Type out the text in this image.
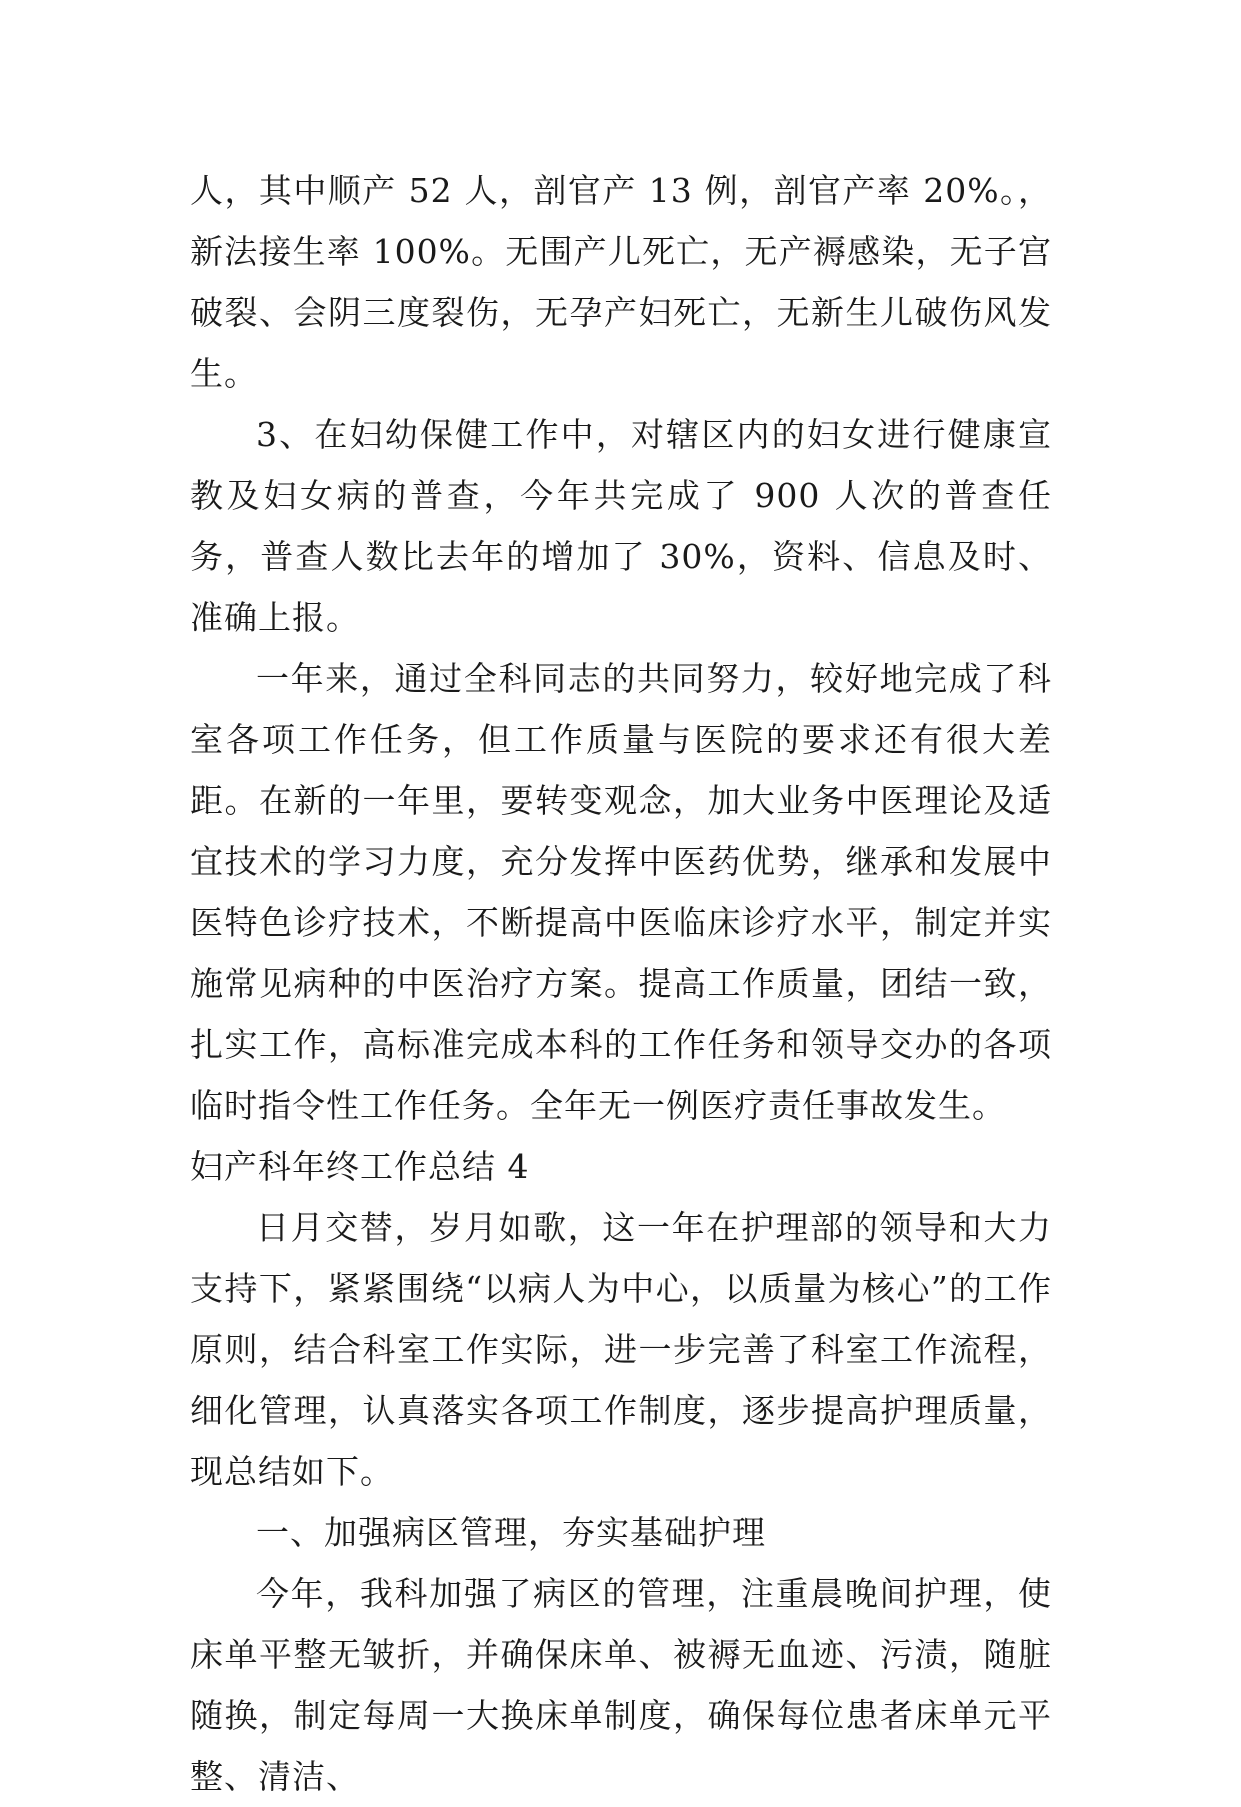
人，其中顺产 52 人，剖官产 13 例，剖官产率 20%。，新法接生率 100%。无围产儿死亡，无产褥感染，无子宫破裂、会阴三度裂伤，无孕产妇死亡，无新生儿破伤风发生。

3、在妇幼保健工作中，对辖区内的妇女进行健康宣教及妇女病的普查，今年共完成了 900 人次的普查任务，普查人数比去年的增加了 30%，资料、信息及时、准确上报。

一年来，通过全科同志的共同努力，较好地完成了科室各项工作任务，但工作质量与医院的要求还有很大差距。在新的一年里，要转变观念，加大业务中医理论及适宜技术的学习力度，充分发挥中医药优势，继承和发展中医特色诊疗技术，不断提高中医临床诊疗水平，制定并实施常见病种的中医治疗方案。提高工作质量，团结一致，扎实工作，高标准完成本科的工作任务和领导交办的各项临时指令性工作任务。全年无一例医疗责任事故发生。

妇产科年终工作总结 4

日月交替，岁月如歌，这一年在护理部的领导和大力支持下，紧紧围绕“以病人为中心，以质量为核心”的工作原则，结合科室工作实际，进一步完善了科室工作流程，细化管理，认真落实各项工作制度，逐步提高护理质量，现总结如下。

一、加强病区管理，夯实基础护理

今年，我科加强了病区的管理，注重晨晚间护理，使床单平整无皱折，并确保床单、被褥无血迹、污渍，随脏随换，制定每周一大换床单制度，确保每位患者床单元平整、清洁、
